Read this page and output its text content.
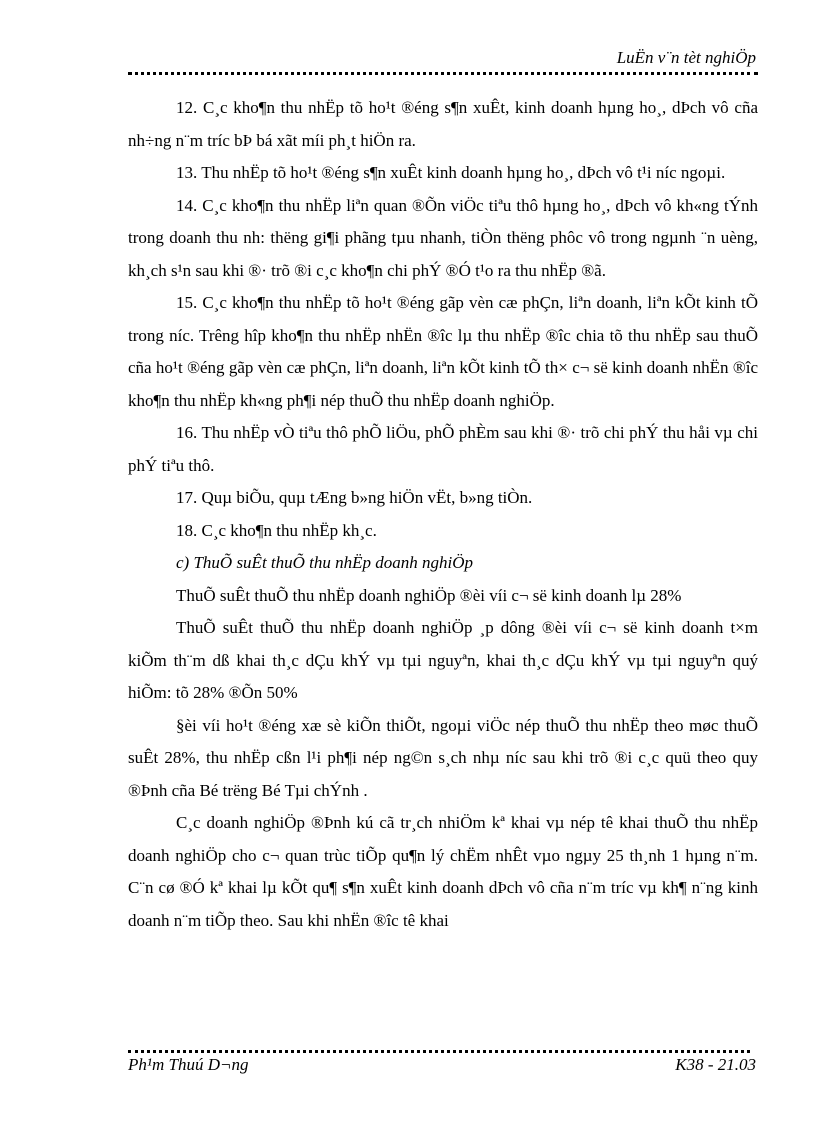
LuËn v¨n tèt nghiÖp

12. C¸c kho¶n thu nhËp tõ ho¹t ®éng s¶n xuÊt, kinh doanh hµng ho¸, dÞch vô cña nh÷ng n¨m tríc bÞ bá xãt míi ph¸t hiÖn ra.

13. Thu nhËp tõ ho¹t ®éng s¶n xuÊt kinh doanh hµng ho¸, dÞch vô t¹i níc ngoµi.

14. C¸c kho¶n thu nhËp liªn quan ®Õn viÖc tiªu thô hµng ho¸, dÞch vô kh«ng tÝnh trong doanh thu nh: thëng gi¶i phãng tµu nhanh, tiÒn thëng phôc vô trong ngµnh ¨n uèng, kh¸ch s¹n sau khi ®· trõ ®i c¸c kho¶n chi phÝ ®Ó t¹o ra thu nhËp ®ã.

15. C¸c kho¶n thu nhËp tõ ho¹t ®éng gãp vèn cæ phÇn, liªn doanh, liªn kÕt kinh tÕ trong níc. Trêng hîp kho¶n thu nhËp nhËn ®îc lµ thu nhËp ®îc chia tõ thu nhËp sau thuÕ cña ho¹t ®éng gãp vèn cæ phÇn, liªn doanh, liªn kÕt kinh tÕ th× c¬ së kinh doanh nhËn ®îc kho¶n thu nhËp kh«ng ph¶i nép thuÕ thu nhËp doanh nghiÖp.

16. Thu nhËp vÒ tiªu thô phÕ liÖu, phÕ phÈm sau khi ®· trõ chi phÝ thu håi vµ chi phÝ tiªu thô.

17. Quµ biÕu, quµ tÆng b»ng hiÖn vËt, b»ng tiÒn.

18. C¸c kho¶n thu nhËp kh¸c.

c) ThuÕ suÊt thuÕ thu nhËp doanh nghiÖp

ThuÕ suÊt thuÕ thu nhËp doanh nghiÖp ®èi víi c¬ së kinh doanh lµ 28%

ThuÕ suÊt thuÕ thu nhËp doanh nghiÖp ¸p dông ®èi víi c¬ së kinh doanh t×m kiÕm th¨m dß khai th¸c dÇu khÝ vµ tµi nguyªn, khai th¸c dÇu khÝ vµ tµi nguyªn quý hiÕm: tõ 28% ®Õn 50%

§èi víi ho¹t ®éng xæ sè kiÕn thiÕt, ngoµi viÖc nép thuÕ thu nhËp theo møc thuÕ suÊt 28%, thu nhËp cßn l¹i ph¶i nép ng©n s¸ch nhµ níc sau khi trõ ®i c¸c quü theo quy ®Þnh cña Bé trëng Bé Tµi chÝnh .

C¸c doanh nghiÖp ®Þnh kú cã tr¸ch nhiÖm kª khai vµ nép tê khai thuÕ thu nhËp doanh nghiÖp cho c¬ quan trùc tiÕp qu¶n lý chËm nhÊt vµo ngµy 25 th¸nh 1 hµng n¨m. C¨n cø ®Ó kª khai lµ kÕt qu¶ s¶n xuÊt kinh doanh dÞch vô cña n¨m tríc vµ kh¶ n¨ng kinh doanh n¨m tiÕp theo. Sau khi nhËn ®îc tê khai

Ph¹m Thuú D¬ng	K38 - 21.03
